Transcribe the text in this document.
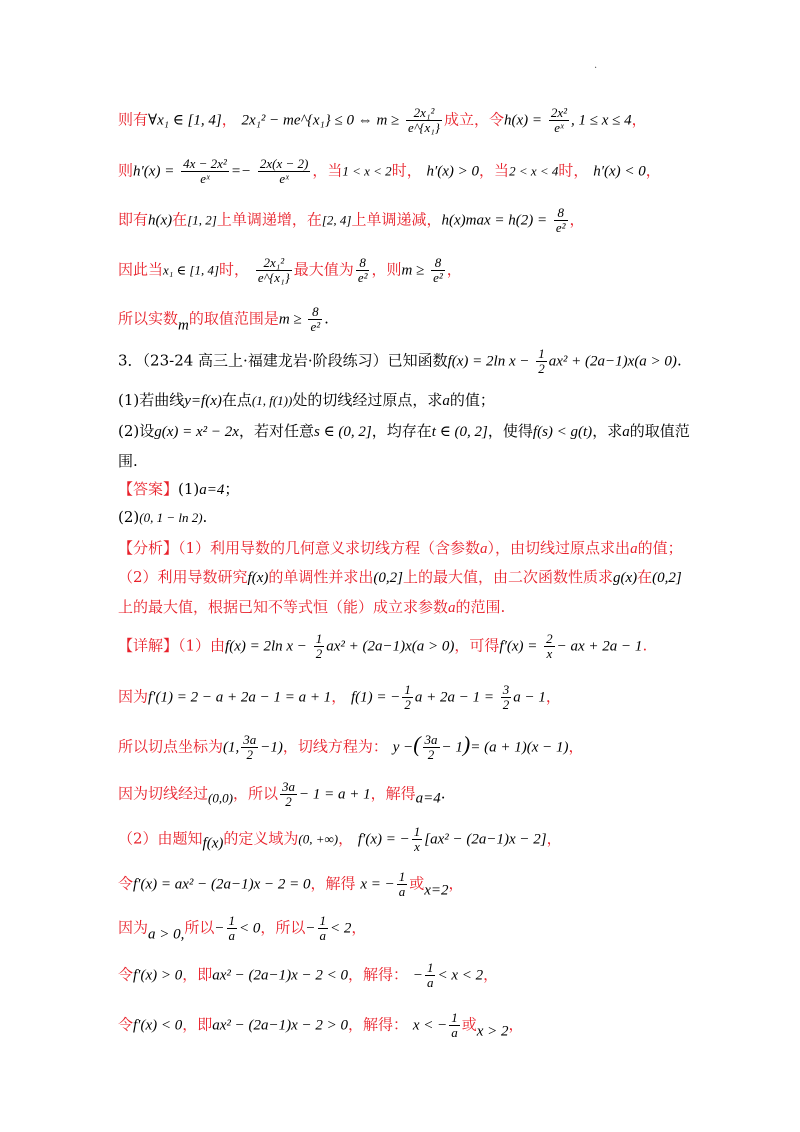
.
则有∀x₁ ∈ [1, 4]， 2x₁² − me^{x₁} ≤ 0 ⇔ $m \ge \frac{\text{2x₁²}}{\text{e\textasciicircum{}\{x₁\}}}$ 成立，令$h(x) = \frac{\text{2x²}}{\text{eˣ}}$ , 1 ≤ x ≤ 4，
则$h'(x) = \frac{\text{4x − 2x²}}{\text{eˣ}} =- \frac{2x(x - 2)}{\text{eˣ}}$ ，当1 < x < 2时， h′(x) > 0，当2 < x < 4时， h′(x) < 0，
即有h(x)在[1, 2]上单调递增，在[2, 4]上单调递减，$h(x)\max = h(2) = \frac{8}{\text{e²}}$ ，
因此当x₁ ∈ [1, 4]时， $\frac{\text{2x₁²}}{\text{e\textasciicircum{}\{x₁\}}}$ 最大值为 $\frac{8}{\text{e²}}$ ，则$m \ge \frac{8}{\text{e²}}$ ，
所以实数m的取值范围是$m \ge \frac{8}{\text{e²}}$ .
3．（23-24 高三上·福建龙岩·阶段练习）已知函数f(x) = 2ln $x - \frac{1}{2} ax^2 + (2a-1)x(a > 0)$.
(1)若曲线y=f(x)在点(1, f(1))处的切线经过原点，求a的值；
(2)设g(x) = x² − 2x，若对任意s ∈ (0, 2]，均存在t ∈ (0, 2]，使得f(s) < g(t)，求a的取值范
围.
【答案】(1)a=4；
(2)(0, 1 − ln 2).
【分析】（1）利用导数的几何意义求切线方程（含参数a），由切线过原点求出a的值；
（2）利用导数研究f(x)的单调性并求出(0,2]上的最大值，由二次函数性质求g(x)在(0,2]
上的最大值，根据已知不等式恒（能）成立求参数a的范围.
【详解】（1）由f(x) = 2ln $x - \frac{1}{2} ax^2 + (2a-1)x(a > 0)$，可得$f'(x) = \frac{2}{x}$ − ax + 2a − 1.
因为f′(1) = 2 − a + 2a − 1 = a + 1， f(1) = − $\frac{1}{2}$ $a + 2a - 1 = \frac{3}{2}$ a − 1，
所以切点坐标为(1, $\frac{3a}{2} -1$)，切线方程为： y −( $\frac{3a}{2} - 1)= (a + 1)(x - 1)$，
因为切线经过(0,0)，所以 $\frac{3a}{2} - 1 = a + 1$，解得a=4.
（2）由题知f(x)的定义域为(0, +∞)， f′(x) = − $\frac{1}{x} [ax^2 - (2a-1)x - 2]$，
令f′(x) = ax² − (2a−1)x − 2 = 0，解得 x = − $\frac{1}{a}$ 或x=2，
因为a > 0,所以− $\frac{1}{a} < 0$，所以− $\frac{1}{a} < 2$，
令f′(x) > 0，即ax² − (2a−1)x − 2 < 0，解得： − $\frac{1}{a} < x < 2$，
令f′(x) < 0，即ax² − (2a−1)x − 2 > 0，解得： x < − $\frac{1}{a}$ 或x > 2，
